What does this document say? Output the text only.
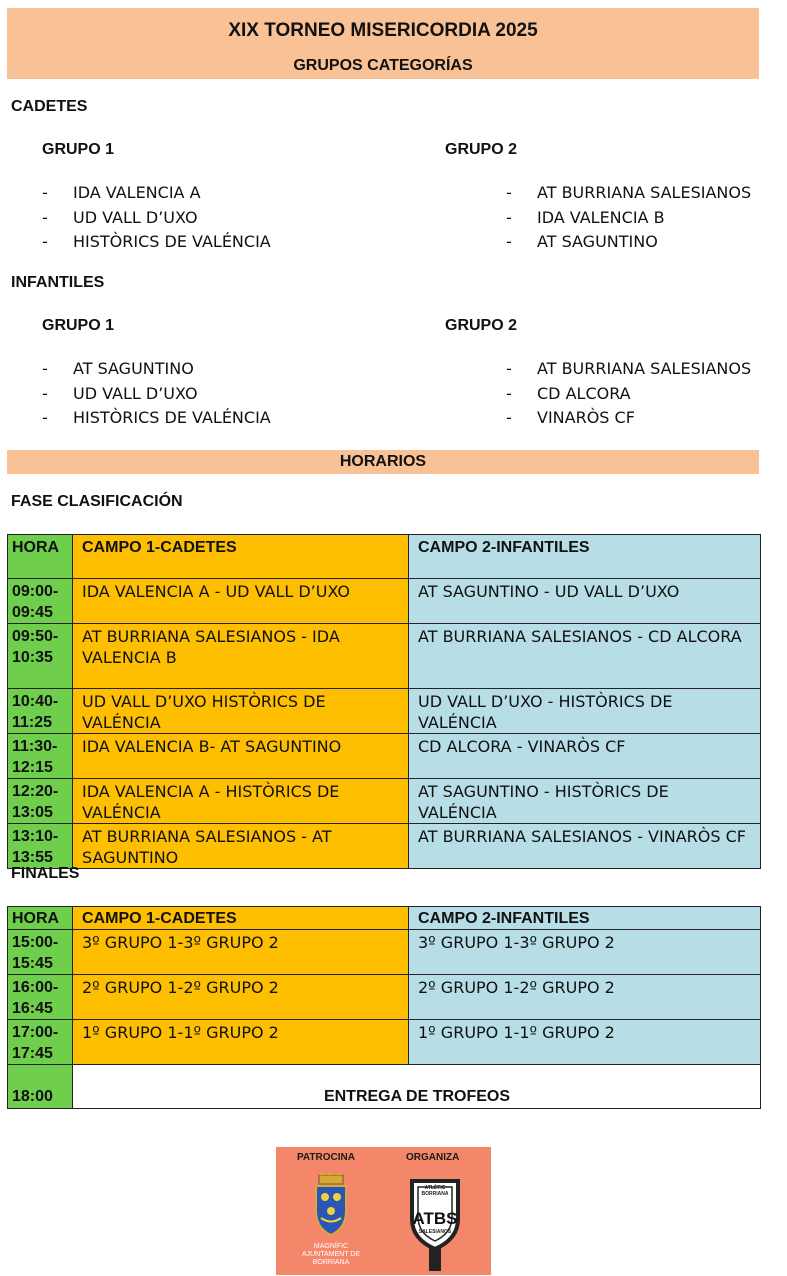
XIX TORNEO MISERICORDIA 2025
GRUPOS CATEGORÍAS
CADETES
GRUPO 1	GRUPO 2
- IDA VALENCIA A
- UD VALL D’UXO
- HISTÒRICS DE VALÉNCIA
- AT BURRIANA SALESIANOS
- IDA VALENCIA B
- AT SAGUNTINO
INFANTILES
GRUPO 1	GRUPO 2
- AT SAGUNTINO
- UD VALL D’UXO
- HISTÒRICS DE VALÉNCIA
- AT BURRIANA SALESIANOS
- CD ALCORA
- VINARÒS CF
HORARIOS
FASE CLASIFICACIÓN
HORA	CAMPO 1-CADETES	CAMPO 2-INFANTILES
09:00-09:45	IDA VALENCIA A - UD VALL D’UXO	AT SAGUNTINO - UD VALL D’UXO
09:50-10:35	AT BURRIANA SALESIANOS - IDA VALENCIA B	AT BURRIANA SALESIANOS - CD ALCORA
10:40-11:25	UD VALL D’UXO HISTÒRICS DE VALÉNCIA	UD VALL D’UXO - HISTÒRICS DE VALÉNCIA
11:30-12:15	IDA VALENCIA B- AT SAGUNTINO	CD ALCORA - VINARÒS CF
12:20-13:05	IDA VALENCIA A - HISTÒRICS DE VALÉNCIA	AT SAGUNTINO - HISTÒRICS DE VALÉNCIA
13:10-13:55	AT BURRIANA SALESIANOS - AT SAGUNTINO	AT BURRIANA SALESIANOS - VINARÒS CF
FINALES
HORA	CAMPO 1-CADETES	CAMPO 2-INFANTILES
15:00-15:45	3º GRUPO 1-3º GRUPO 2	3º GRUPO 1-3º GRUPO 2
16:00-16:45	2º GRUPO 1-2º GRUPO 2	2º GRUPO 1-2º GRUPO 2
17:00-17:45	1º GRUPO 1-1º GRUPO 2	1º GRUPO 1-1º GRUPO 2
18:00	ENTREGA DE TROFEOS	
PATROCINA	ORGANIZA
MAGNÍFIC AJUNTAMENT DE BORRIANA
ATLÈTIC BORRIANA
ATBS
SALESIANOS
